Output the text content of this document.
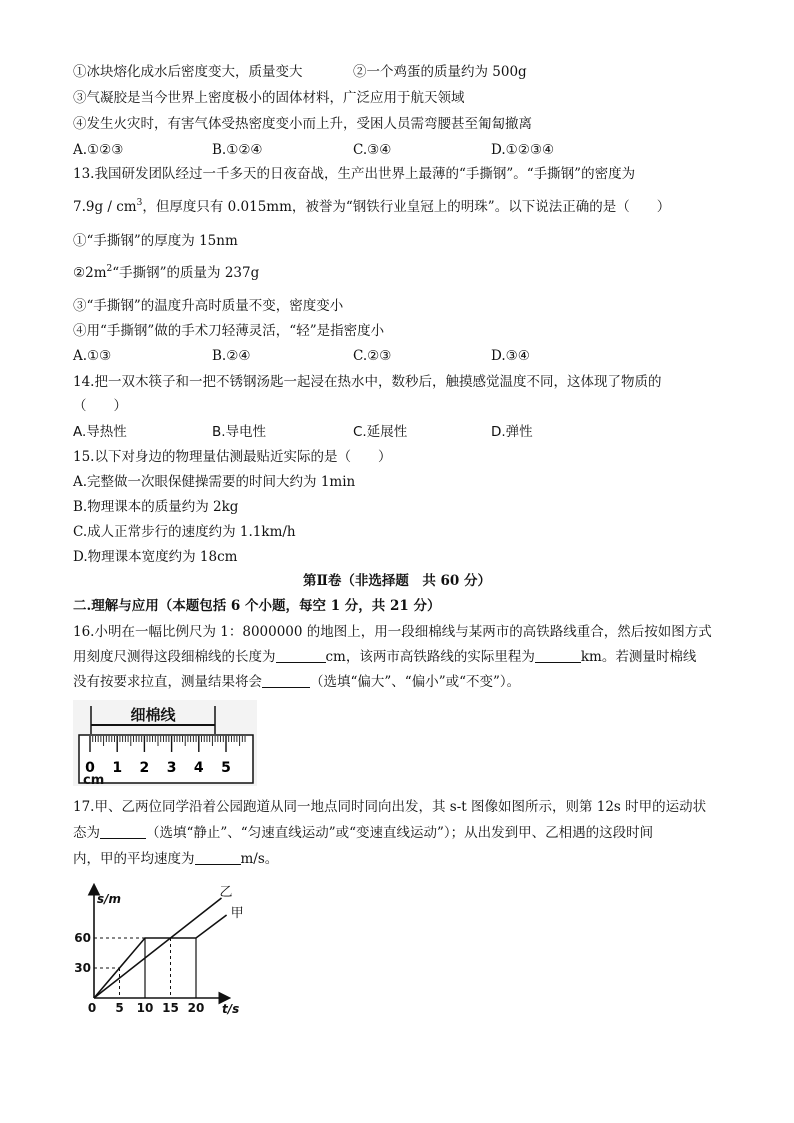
①冰块熔化成水后密度变大，质量变大	②一个鸡蛋的质量约为 500g
③气凝胶是当今世界上密度极小的固体材料，广泛应用于航天领域
④发生火灾时，有害气体受热密度变小而上升，受困人员需弯腰甚至匍匐撤离
A.①②③	B.①②④	C.③④	D.①②③④
13.我国研发团队经过一千多天的日夜奋战，生产出世界上最薄的“手撕钢”。“手撕钢”的密度为
$7.9g / cm^3$，但厚度只有 0.015mm，被誉为“钢铁行业皇冠上的明珠”。以下说法正确的是（　　）
①“手撕钢”的厚度为 15nm
$②2m^2“$手撕钢”的质量为 237g
③“手撕钢”的温度升高时质量不变，密度变小
④用“手撕钢”做的手术刀轻薄灵活，“轻”是指密度小
A.①③	B.②④	C.②③	D.③④
14.把一双木筷子和一把不锈钢汤匙一起浸在热水中，数秒后，触摸感觉温度不同，这体现了物质的
（　　）
A.导热性	B.导电性	C.延展性	D.弹性
15.以下对身边的物理量估测最贴近实际的是（　　）
A.完整做一次眼保健操需要的时间大约为 1min
B.物理课本的质量约为 2kg
C.成人正常步行的速度约为 1.1km/h
D.物理课本宽度约为 18cm
第Ⅱ卷（非选择题　共 60 分）
二.理解与应用（本题包括 6 个小题，每空 1 分，共 21 分）
16.小明在一幅比例尺为 1：8000000 的地图上，用一段细棉线与某两市的高铁路线重合，然后按如图方式
用刻度尺测得这段细棉线的长度为	cm，该两市高铁路线的实际里程为	km。若测量时棉线
没有按要求拉直，测量结果将会	（选填“偏大”、“偏小”或“不变”）。
细棉线
0 1 2 3 4 5
cm
17.甲、乙两位同学沿着公园跑道从同一地点同时同向出发，其 s-t 图像如图所示，则第 12s 时甲的运动状
态为	（选填“静止”、“匀速直线运动”或“变速直线运动”）；从出发到甲、乙相遇的这段时间
内，甲的平均速度为	m/s。
s/m
t/s
甲
乙
0 5 10 15 20
30
60
